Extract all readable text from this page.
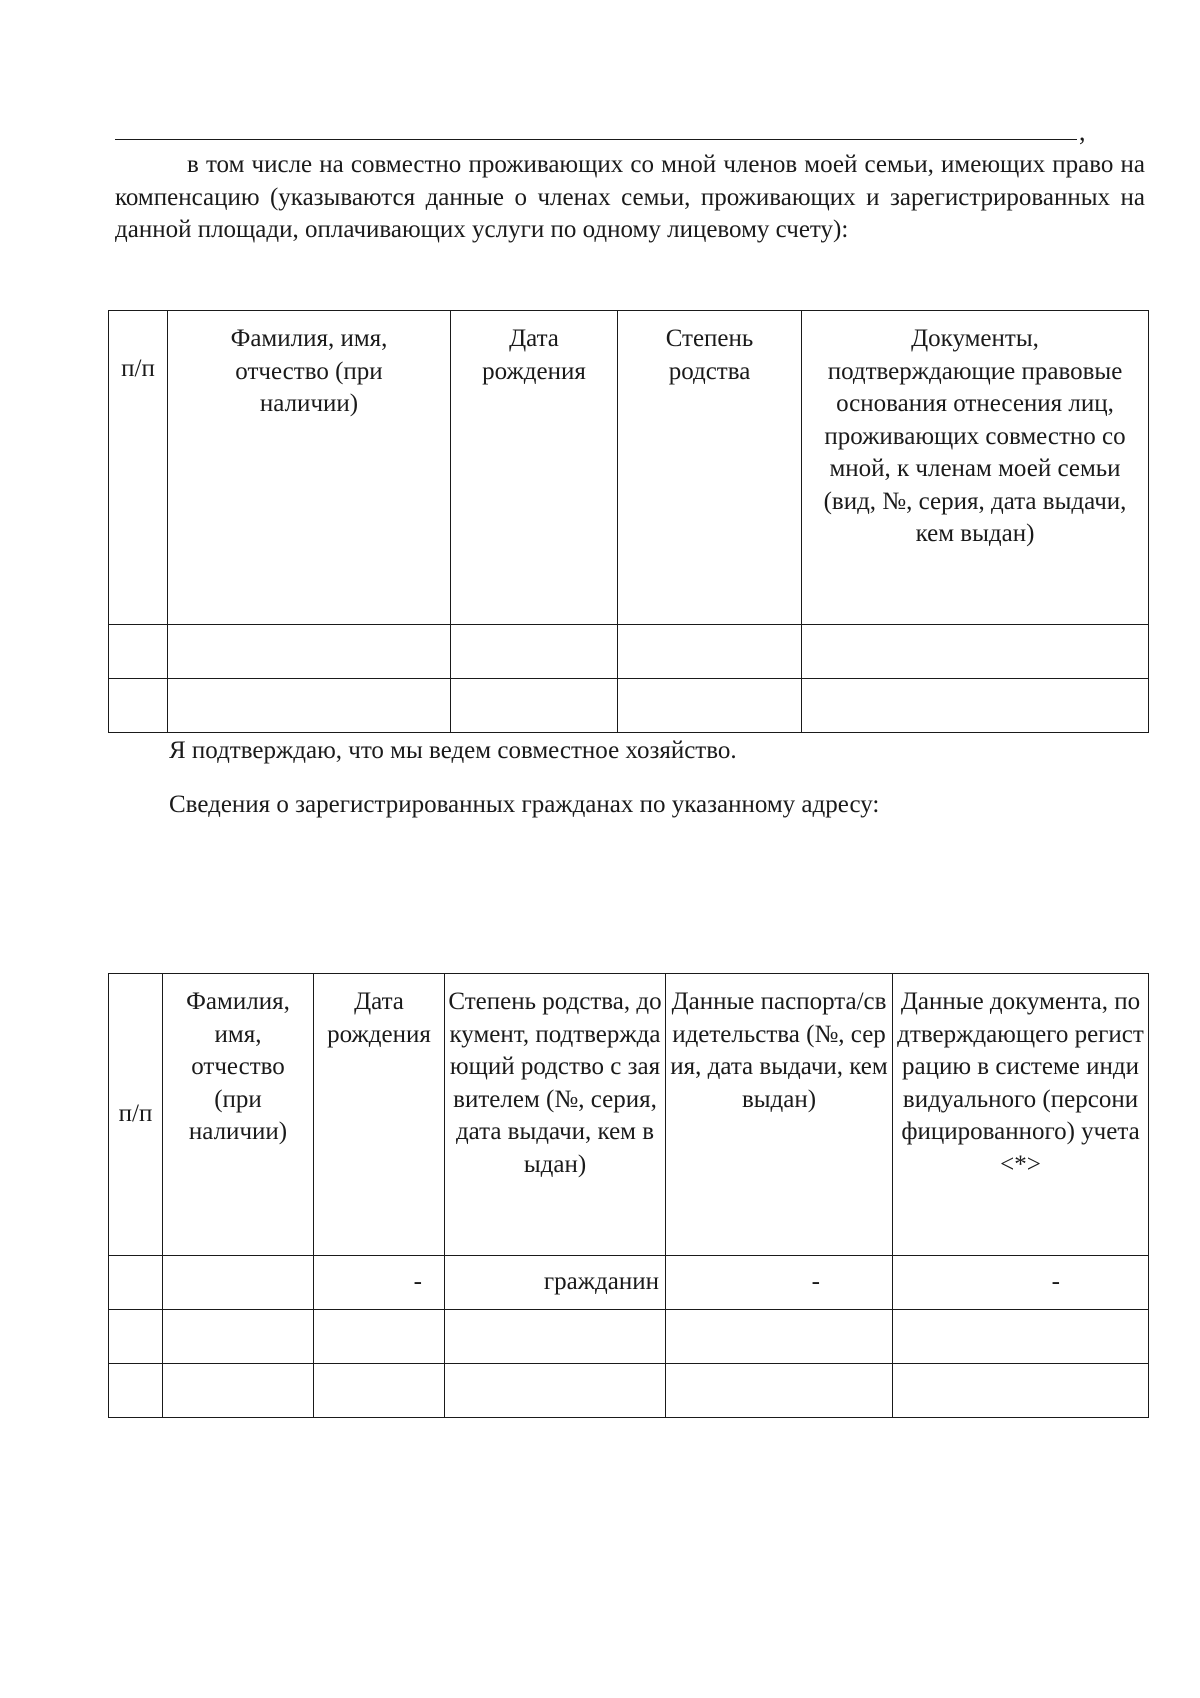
,

в том числе на совместно проживающих со мной членов моей семьи, имеющих право на компенсацию (указываются данные о членах семьи, проживающих и зарегистрированных на данной площади, оплачивающих услуги по одному лицевому счету):

п/п	Фамилия, имя, отчество (при наличии)	Дата рождения	Степень родства	Документы, подтверждающие правовые основания отнесения лиц, проживающих совместно со мной, к членам моей семьи (вид, №, серия, дата выдачи, кем выдан)

Я подтверждаю, что мы ведем совместное хозяйство.

Сведения о зарегистрированных гражданах по указанному адресу:

п/п	Фамилия, имя, отчество (при наличии)	Дата рождения	Степень родства, документ, подтверждающий родство с заявителем (№, серия, дата выдачи, кем выдан)	Данные паспорта/свидетельства (№, серия, дата выдачи, кем выдан)	Данные документа, подтверждающего регистрацию в системе индивидуального (персонифицированного) учета <*>
		-	гражданин	-	-
